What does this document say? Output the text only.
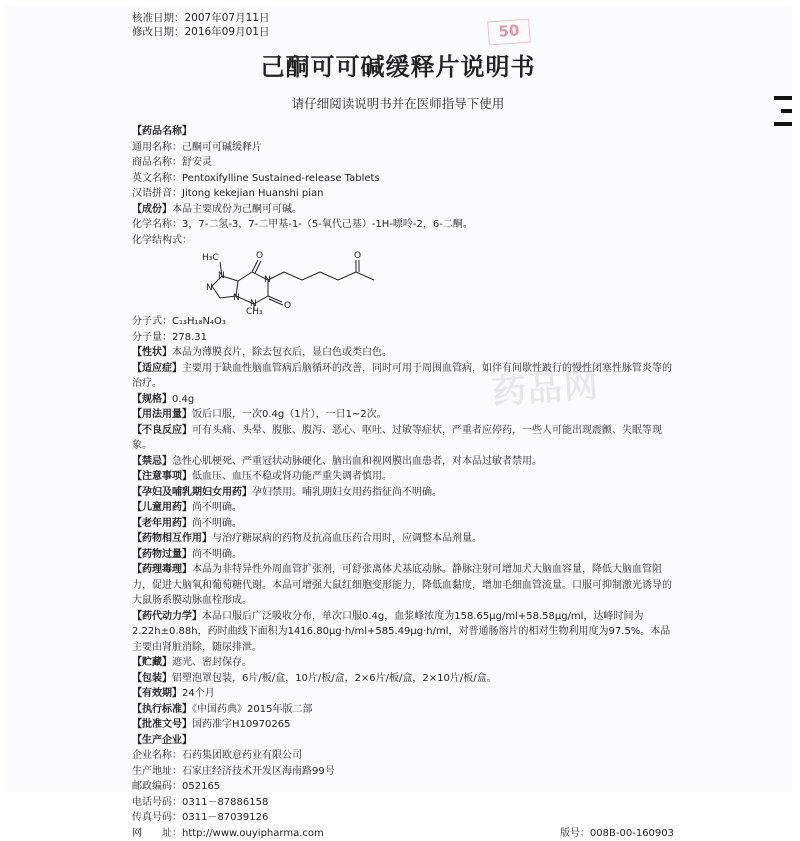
核准日期：2007年07月11日
修改日期：2016年09月01日	50
己酮可可碱缓释片说明书
请仔细阅读说明书并在医师指导下使用
药品网

【药品名称】

通用名称：己酮可可碱缓释片

商品名称：舒安灵

英文名称：Pentoxifylline Sustained-release Tablets

汉语拼音：Jitong kekejian Huanshi pian

【成份】本品主要成份为己酮可可碱。

化学名称：3，7-二氢-3，7-二甲基-1-（5-氧代己基）-1H-嘌呤-2，6-二酮。

化学结构式：

H₃C
N
N
O
N
N
N	O
O
CH₃

分子式：C₁₃H₁₈N₄O₃

分子量：278.31

【性状】本品为薄膜衣片，除去包衣后，显白色或类白色。

【适应症】主要用于缺血性脑血管病后脑循环的改善，同时可用于周围血管病，如伴有间歇性跛行的慢性闭塞性脉管炎等的治疗。

【规格】0.4g

【用法用量】饭后口服，一次0.4g（1片），一日1~2次。

【不良反应】可有头痛、头晕、腹胀、腹泻、恶心、呕吐、过敏等症状，严重者应停药，一些人可能出现震颤、失眠等现象。

【禁忌】急性心肌梗死、严重冠状动脉硬化、脑出血和视网膜出血患者，对本品过敏者禁用。

【注意事项】低血压、血压不稳或肾功能严重失调者慎用。

【孕妇及哺乳期妇女用药】孕妇禁用。哺乳期妇女用药指征尚不明确。

【儿童用药】尚不明确。

【老年用药】尚不明确。

【药物相互作用】与治疗糖尿病的药物及抗高血压药合用时，应调整本品剂量。

【药物过量】尚不明确。

【药理毒理】本品为非特异性外周血管扩张剂，可舒张离体犬基底动脉。静脉注射可增加犬大脑血容量，降低大脑血管阻力，促进大脑氧和葡萄糖代谢。本品可增强大鼠红细胞变形能力，降低血黏度，增加毛细血管流量。口服可抑制激光诱导的大鼠肠系膜动脉血栓形成。

【药代动力学】本品口服后广泛吸收分布，单次口服0.4g，血浆峰浓度为158.65μg/ml+58.58μg/ml，达峰时间为2.22h±0.88h，药时曲线下面积为1416.80μg·h/ml+585.49μg·h/ml，对普通肠溶片的相对生物利用度为97.5%。本品主要由肾脏消除，随尿排泄。

【贮藏】遮光、密封保存。

【包装】铝塑泡罩包装，6片/板/盒，10片/板/盒，2×6片/板/盒，2×10片/板/盒。

【有效期】24个月

【执行标准】《中国药典》2015年版二部

【批准文号】国药准字H10970265

【生产企业】

企业名称：石药集团欧意药业有限公司

生产地址：石家庄经济技术开发区海南路99号

邮政编码：052165

电话号码：0311－87886158

传真号码：0311－87039126

网　　址：http://www.ouyipharma.com	版号：008B-00-160903
